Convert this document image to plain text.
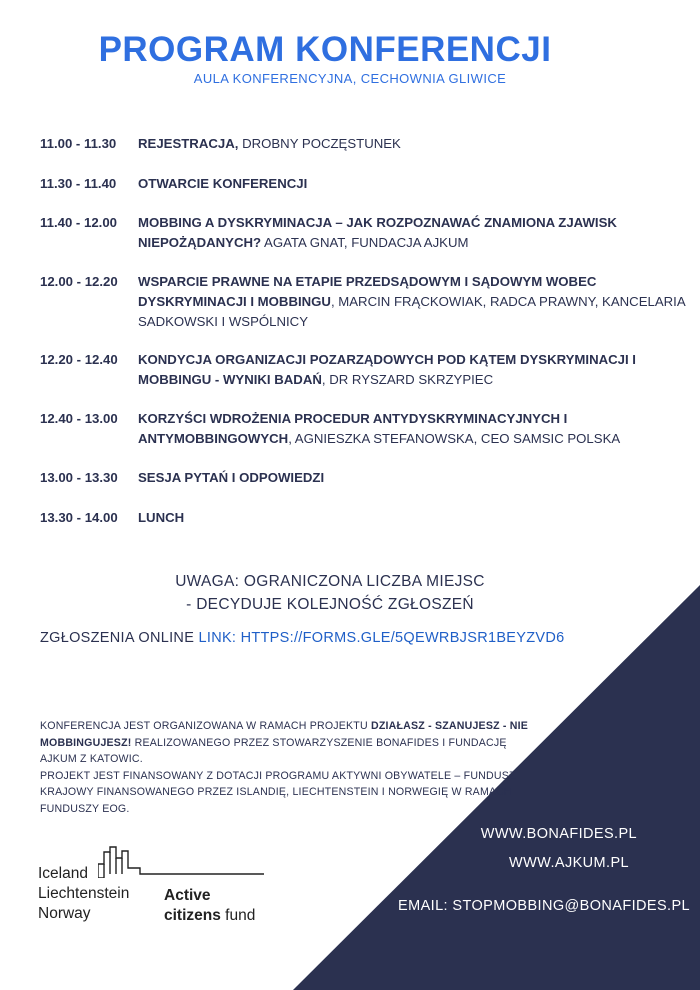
PROGRAM KONFERENCJI
AULA KONFERENCYJNA, CECHOWNIA GLIWICE
11.00 - 11.30 REJESTRACJA, DROBNY POCZĘSTUNEK
11.30 - 11.40 OTWARCIE KONFERENCJI
11.40 - 12.00 MOBBING A DYSKRYMINACJA – JAK ROZPOZNAWAĆ ZNAMIONA ZJAWISK NIEPOŻĄDANYCH? AGATA GNAT, FUNDACJA AJKUM
12.00 - 12.20 WSPARCIE PRAWNE NA ETAPIE PRZEDSĄDOWYM I SĄDOWYM WOBEC DYSKRYMINACJI I MOBBINGU, MARCIN FRĄCKOWIAK, RADCA PRAWNY, KANCELARIA SADKOWSKI I WSPÓLNICY
12.20 - 12.40 KONDYCJA ORGANIZACJI POZARZĄDOWYCH POD KĄTEM DYSKRYMINACJI I MOBBINGU - WYNIKI BADAŃ, DR RYSZARD SKRZYPIEC
12.40 - 13.00 KORZYŚCI WDROŻENIA PROCEDUR ANTYDYSKRYMINACYJNYCH I ANTYMOBBINGOWYCH, AGNIESZKA STEFANOWSKA, CEO SAMSIC POLSKA
13.00 - 13.30 SESJA PYTAŃ I ODPOWIEDZI
13.30 - 14.00 LUNCH
UWAGA: OGRANICZONA LICZBA MIEJSC
- DECYDUJE KOLEJNOŚĆ ZGŁOSZEŃ
ZGŁOSZENIA ONLINE LINK: HTTPS://FORMS.GLE/5QEWRBJSR1BEYZVD6

KONFERENCJA JEST ORGANIZOWANA W RAMACH PROJEKTU DZIAŁASZ - SZANUJESZ - NIE MOBBINGUJESZ! REALIZOWANEGO PRZEZ STOWARZYSZENIE BONAFIDES I FUNDACJĘ AJKUM Z KATOWIC.

PROJEKT JEST FINANSOWANY Z DOTACJI PROGRAMU AKTYWNI OBYWATELE – FUNDUSZ KRAJOWY FINANSOWANEGO PRZEZ ISLANDIĘ, LIECHTENSTEIN I NORWEGIĘ W RAMACH FUNDUSZY EOG.

WWW.BONAFIDES.PL
WWW.AJKUM.PL
EMAIL: STOPMOBBING@BONAFIDES.PL
Iceland
Liechtenstein
Norway
Active
citizens fund
